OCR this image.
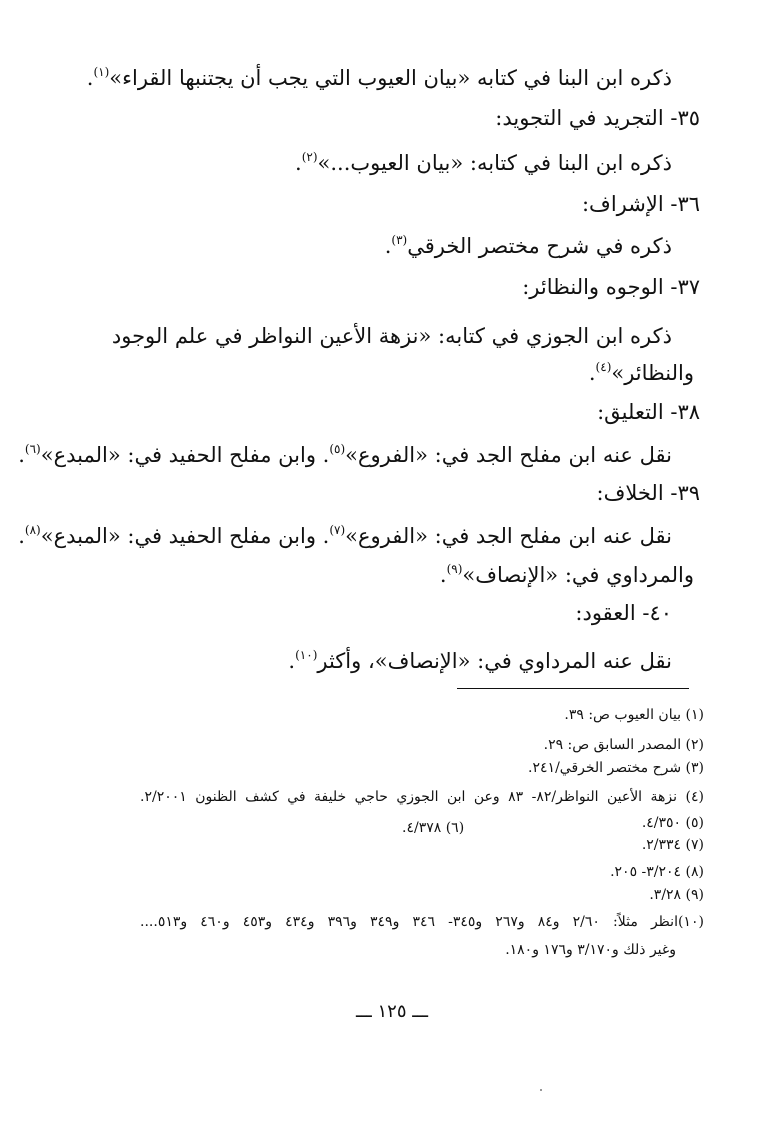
ذكره ابن البنا في كتابه «بيان العيوب التي يجب أن يجتنبها القراء»$^{(١)}$.
٣٥- التجريد في التجويد:
ذكره ابن البنا في كتابه: «بيان العيوب...»$^{(٢)}$.
٣٦- الإشراف:
ذكره في شرح مختصر الخرقي$^{(٣)}$.
٣٧- الوجوه والنظائر:
ذكره ابن الجوزي في كتابه: «نزهة الأعين النواظر في علم الوجود
والنظائر»$^{(٤)}$.
٣٨- التعليق:
نقل عنه ابن مفلح الجد في: «الفروع»$^{(٥)}$. وابن مفلح الحفيد في: «المبدع»$^{(٦)}$.
٣٩- الخلاف:
نقل عنه ابن مفلح الجد في: «الفروع»$^{(٧)}$. وابن مفلح الحفيد في: «المبدع»$^{(٨)}$.
والمرداوي في: «الإنصاف»$^{(٩)}$.
٤٠- العقود:
نقل عنه المرداوي في: «الإنصاف»، وأكثر$^{(١٠)}$.
(١) بيان العيوب ص: ٣٩.
(٢) المصدر السابق ص: ٢٩.
(٣) شرح مختصر الخرقي/٢٤١.
(٤) نزهة الأعين النواظر/٨٢- ٨٣ وعن ابن الجوزي حاجي خليفة في كشف الظنون ٢/٢٠٠١.
(٥) ٤/٣٥٠.
(٦) ٤/٣٧٨.
(٧) ٢/٣٣٤.
(٨) ٣/٢٠٤- ٢٠٥.
(٩) ٣/٢٨.
(١٠)انظر مثلاً: ٢/٦٠ و٨٤ و٢٦٧ و٣٤٥- ٣٤٦ و٣٤٩ و٣٩٦ و٤٣٤ و٤٥٣ و٤٦٠ و٥١٣....
وغير ذلك و٣/١٧٠ و١٧٦ و١٨٠.
ـــ ١٢٥ ـــ
